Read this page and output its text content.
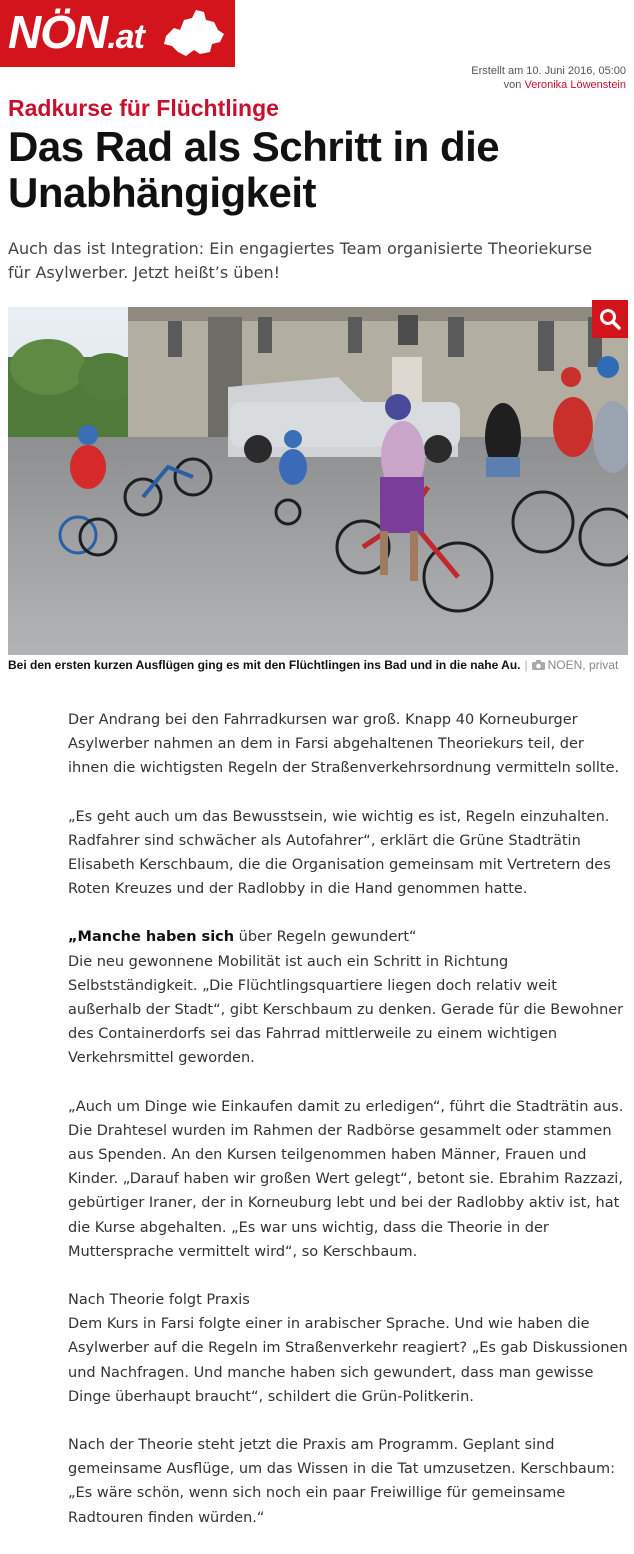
NÖN.at
Erstellt am 10. Juni 2016, 05:00
von Veronika Löwenstein
Radkurse für Flüchtlinge
Das Rad als Schritt in die Unabhängigkeit

Auch das ist Integration: Ein engagiertes Team organisierte Theoriekurse für Asylwerber. Jetzt heißt’s üben!

Bei den ersten kurzen Ausflügen ging es mit den Flüchtlingen ins Bad und in die nahe Au. | NOEN, privat

Der Andrang bei den Fahrradkursen war groß. Knapp 40 Korneuburger Asylwerber nahmen an dem in Farsi abgehaltenen Theoriekurs teil, der ihnen die wichtigsten Regeln der Straßenverkehrsordnung vermitteln sollte.

„Es geht auch um das Bewusstsein, wie wichtig es ist, Regeln einzuhalten. Radfahrer sind schwächer als Autofahrer“, erklärt die Grüne Stadträtin Elisabeth Kerschbaum, die die Organisation gemeinsam mit Vertretern des Roten Kreuzes und der Radlobby in die Hand genommen hatte.

„Manche haben sich über Regeln gewundert“

Die neu gewonnene Mobilität ist auch ein Schritt in Richtung Selbstständigkeit. „Die Flüchtlingsquartiere liegen doch relativ weit außerhalb der Stadt“, gibt Kerschbaum zu denken. Gerade für die Bewohner des Containerdorfs sei das Fahrrad mittlerweile zu einem wichtigen Verkehrsmittel geworden.

„Auch um Dinge wie Einkaufen damit zu erledigen“, führt die Stadträtin aus. Die Drahtesel wurden im Rahmen der Radbörse gesammelt oder stammen aus Spenden. An den Kursen teilgenommen haben Männer, Frauen und Kinder. „Darauf haben wir großen Wert gelegt“, betont sie. Ebrahim Razzazi, gebürtiger Iraner, der in Korneuburg lebt und bei der Radlobby aktiv ist, hat die Kurse abgehalten. „Es war uns wichtig, dass die Theorie in der Muttersprache vermittelt wird“, so Kerschbaum.

Nach Theorie folgt Praxis

Dem Kurs in Farsi folgte einer in arabischer Sprache. Und wie haben die Asylwerber auf die Regeln im Straßenverkehr reagiert? „Es gab Diskussionen und Nachfragen. Und manche haben sich gewundert, dass man gewisse Dinge überhaupt braucht“, schildert die Grün-Politkerin.

Nach der Theorie steht jetzt die Praxis am Programm. Geplant sind gemeinsame Ausflüge, um das Wissen in die Tat umzusetzen. Kerschbaum: „Es wäre schön, wenn sich noch ein paar Freiwillige für gemeinsame Radtouren finden würden.“
